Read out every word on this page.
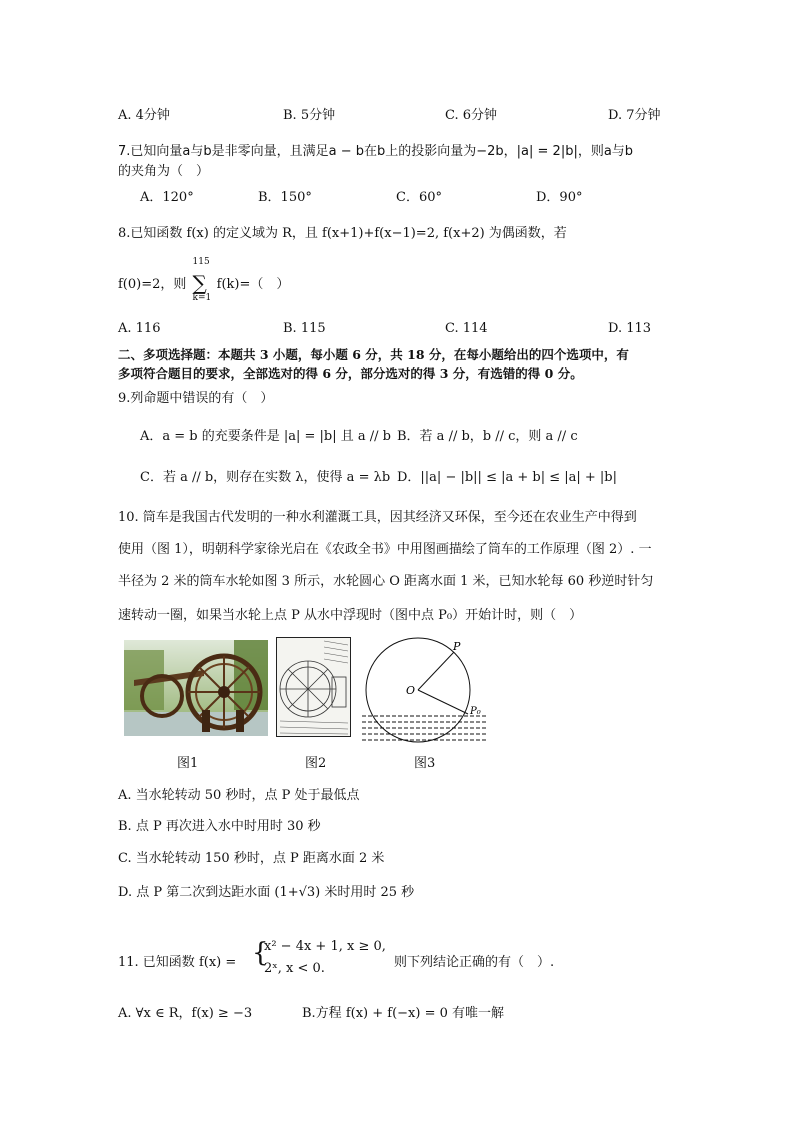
A. 4分钟	B. 5分钟	C. 6分钟	D. 7分钟
7.已知向量a与b是非零向量，且满足a − b在b上的投影向量为−2b，|a| = 2|b|，则a与b
的夹角为（　）
A．120°	B．150°	C．60°	D．90°
8.已知函数 f(x) 的定义域为 R，且 f(x+1)+f(x−1)=2, f(x+2) 为偶函数，若
f(0)=2，则
115
∑
k=1
f(k)=（　）
A. 116	B. 115	C. 114	D. 113
二、多项选择题：本题共 3 小题，每小题 6 分，共 18 分，在每小题给出的四个选项中，有
多项符合题目的要求，全部选对的得 6 分，部分选对的得 3 分，有选错的得 0 分。
9.列命题中错误的有（　）
A．a = b 的充要条件是 |a| = |b| 且 a // b B．若 a // b，b // c，则 a // c
C．若 a // b，则存在实数 λ，使得 a = λb D．||a| − |b|| ≤ |a + b| ≤ |a| + |b|
10. 筒车是我国古代发明的一种水利灌溉工具，因其经济又环保，至今还在农业生产中得到
使用（图 1），明朝科学家徐光启在《农政全书》中用图画描绘了筒车的工作原理（图 2）. 一
半径为 2 米的筒车水轮如图 3 所示，水轮圆心 O 距离水面 1 米，已知水轮每 60 秒逆时针匀
速转动一圈，如果当水轮上点 P 从水中浮现时（图中点 P₀）开始计时，则（　）
P
O
P₀
图1	图2	图3
A. 当水轮转动 50 秒时，点 P 处于最低点
B. 点 P 再次进入水中时用时 30 秒
C. 当水轮转动 150 秒时，点 P 距离水面 2 米
D. 点 P 第二次到达距水面 (1+√3) 米时用时 25 秒
11. 已知函数 f(x) = {
x² − 4x + 1, x ≥ 0,
2ˣ, x < 0.	则下列结论正确的有（　）.
A. ∀x ∈ R，f(x) ≥ −3	B.方程 f(x) + f(−x) = 0 有唯一解
